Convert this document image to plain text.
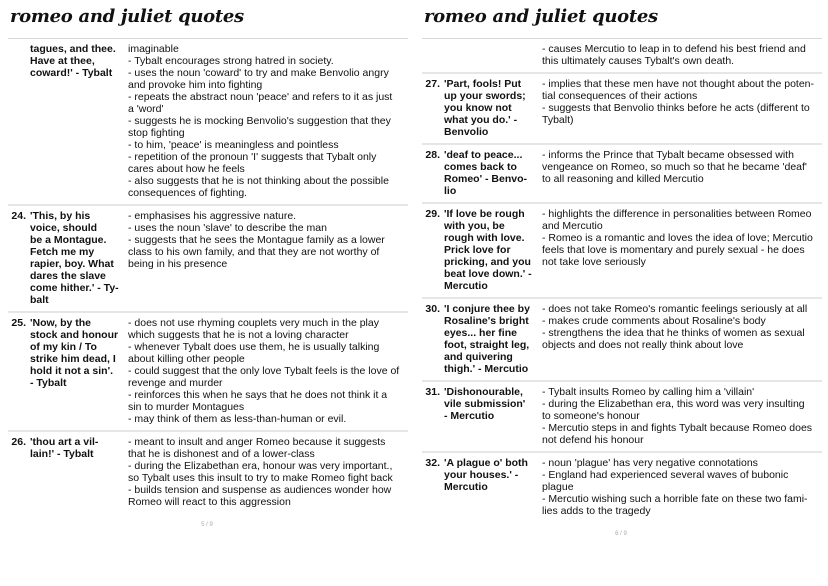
romeo and juliet quotes
tagues, and thee.
Have at thee,
coward!' - Tybalt
imaginable
- Tybalt encourages strong hatred in society.
- uses the noun 'coward' to try and make Benvolio angry
and provoke him into fighting
- repeats the abstract noun 'peace' and refers to it as just
a 'word'
- suggests he is mocking Benvolio's suggestion that they
stop fighting
- to him, 'peace' is meaningless and pointless
- repetition of the pronoun 'I' suggests that Tybalt only
cares about how he feels
- also suggests that he is not thinking about the possible
consequences of fighting.
24. 'This, by his
voice, should
be a Montague.
Fetch me my
rapier, boy. What
dares the slave
come hither.' - Ty-
balt
- emphasises his aggressive nature.
- uses the noun 'slave' to describe the man
- suggests that he sees the Montague family as a lower
class to his own family, and that they are not worthy of
being in his presence
25. 'Now, by the
stock and honour
of my kin / To
strike him dead, I
hold it not a sin'.
- Tybalt
- does not use rhyming couplets very much in the play
which suggests that he is not a loving character
- whenever Tybalt does use them, he is usually talking
about killing other people
- could suggest that the only love Tybalt feels is the love of
revenge and murder
- reinforces this when he says that he does not think it a
sin to murder Montagues
- may think of them as less-than-human or evil.
26. 'thou art a vil-
lain!' - Tybalt
- meant to insult and anger Romeo because it suggests
that he is dishonest and of a lower-class
- during the Elizabethan era, honour was very important.,
so Tybalt uses this insult to try to make Romeo fight back
- builds tension and suspense as audiences wonder how
Romeo will react to this aggression
5 / 9
romeo and juliet quotes
- causes Mercutio to leap in to defend his best friend and
this ultimately causes Tybalt's own death.
27. 'Part, fools! Put
up your swords;
you know not
what you do.' -
Benvolio
- implies that these men have not thought about the poten-
tial consequences of their actions
- suggests that Benvolio thinks before he acts (different to
Tybalt)
28. 'deaf to peace...
comes back to
Romeo' - Benvo-
lio
- informs the Prince that Tybalt became obsessed with
vengeance on Romeo, so much so that he became 'deaf'
to all reasoning and killed Mercutio
29. 'If love be rough
with you, be
rough with love.
Prick love for
pricking, and you
beat love down.' -
Mercutio
- highlights the difference in personalities between Romeo
and Mercutio
- Romeo is a romantic and loves the idea of love; Mercutio
feels that love is momentary and purely sexual - he does
not take love seriously
30. 'I conjure thee by
Rosaline's bright
eyes... her fine
foot, straight leg,
and quivering
thigh.' - Mercutio
- does not take Romeo's romantic feelings seriously at all
- makes crude comments about Rosaline's body
- strengthens the idea that he thinks of women as sexual
objects and does not really think about love
31. 'Dishonourable,
vile submission'
- Mercutio
- Tybalt insults Romeo by calling him a 'villain'
- during the Elizabethan era, this word was very insulting
to someone's honour
- Mercutio steps in and fights Tybalt because Romeo does
not defend his honour
32. 'A plague o' both
your houses.' -
Mercutio
- noun 'plague' has very negative connotations
- England had experienced several waves of bubonic
plague
- Mercutio wishing such a horrible fate on these two fami-
lies adds to the tragedy
6 / 9
